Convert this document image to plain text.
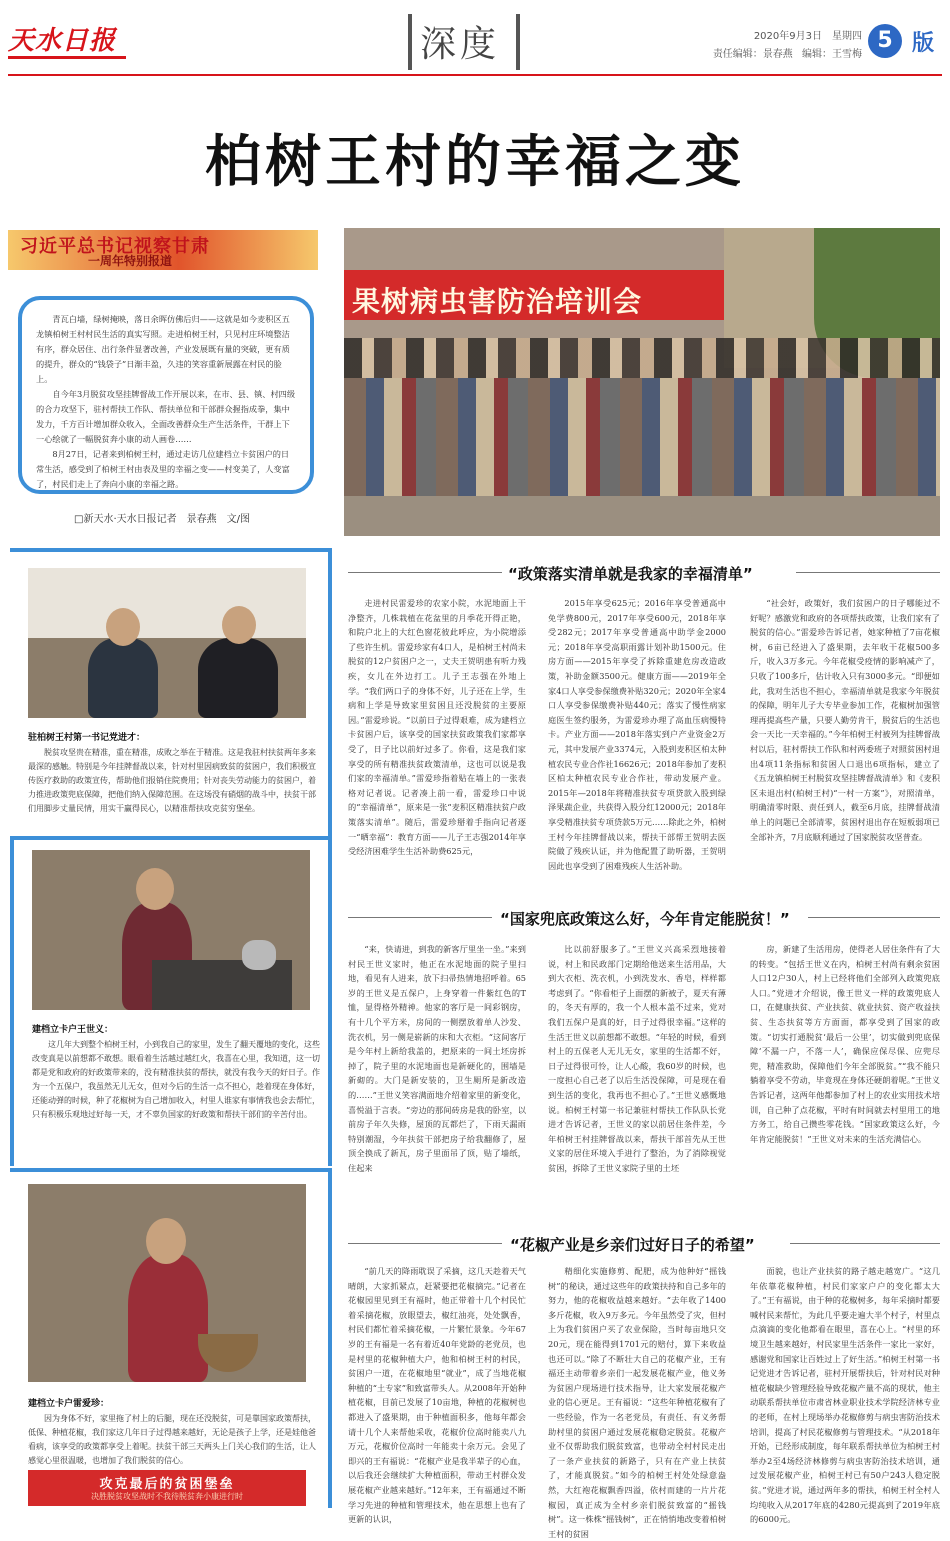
天水日报	深度	2020年9月3日　星期四
责任编辑：景春燕 编辑：王雪梅
5 版
柏树王村的幸福之变
习近平总书记视察甘肃
一周年特别报道

青瓦白墙，绿树掩映，落日余晖仿佛后归——这就是如今麦积区五龙镇柏树王村村民生活的真实写照。走进柏树王村，只见村庄环境整洁有序，群众居住、出行条件显著改善，产业发展既有量的突破，更有质的提升，群众的“钱袋子”日渐丰盈，久违的笑容重新展露在村民的脸上。

自今年3月脱贫攻坚挂牌督战工作开展以来，在市、县、镇、村四级的合力攻坚下，驻村帮扶工作队、帮扶单位和干部群众握指成拳，集中发力，千方百计增加群众收入，全面改善群众生产生活条件，干群上下一心绘就了一幅脱贫奔小康的动人画卷……

8月27日，记者来到柏树王村，通过走访几位建档立卡贫困户的日常生活，感受到了柏树王村由表及里的幸福之变——村变美了，人变富了，村民们走上了奔向小康的幸福之路。

□新天水·天水日报记者　景春燕　文/图
果树病虫害防治培训会
驻柏树王村第一书记党进才：
脱贫攻坚贵在精准，重在精准，成败之举在于精准。这是我驻村扶贫两年多来最深的感触。特别是今年挂牌督战以来，针对村里因病致贫的贫困户，我们积极宣传医疗救助的政策宣传，帮助他们报销住院费用；针对丧失劳动能力的贫困户，着力推进政策兜底保障，把他们纳入保障范围。在这场没有硝烟的战斗中，扶贫干部们用脚步丈量民情，用实干赢得民心，以精准帮扶攻克贫穷堡垒。
建档立卡户王世义：
这几年大到整个柏树王村，小到我自己的家里，发生了翻天覆地的变化，这些改变真是以前想都不敢想。眼看着生活越过越红火，我喜在心里，我知道，这一切都是党和政府的好政策带来的，没有精准扶贫的帮扶，就没有我今天的好日子。作为一个五保户，我虽然无儿无女，但对今后的生活一点不担心，趁着现在身体好，还能动弹的时候，种了花椒树为自己增加收入，村里人谁家有事情我也会去帮忙，只有积极乐观地过好每一天，才不辜负国家的好政策和帮扶干部们的辛苦付出。
建档立卡户雷爱珍：
因为身体不好，家里拖了村上的后腿，现在还没脱贫，可是靠国家政策帮扶，低保、种植花椒，我们家这几年日子过得越来越好，无论是孩子上学，还是娃他爸看病，该享受的政策都享受上着呢。扶贫干部三天两头上门关心我们的生活，让人感觉心里很温暖，也增加了我们脱贫的信心。
攻克最后的贫困堡垒
决胜脱贫攻坚战时不我待脱贫奔小康进行时
“政策落实清单就是我家的幸福清单”

走进村民雷爱珍的农家小院，水泥地面上干净整齐，几株栽植在花盆里的月季花开得正艳，和院户北上的大红色窗花彼此呼应，为小院增添了些许生机。雷爱珍家有4口人，是柏树王村尚未脱贫的12户贫困户之一，丈夫王贺明患有听力残疾，女儿在外边打工。儿子王志强在外地上学。“我们两口子的身体不好，儿子还在上学，生病和上学是导致家里贫困且还没脱贫的主要原因。”雷爱珍说。“以前日子过得艰难，成为建档立卡贫困户后，该享受的国家扶贫政策我们家都享受了，日子比以前好过多了。你看，这是我们家享受的所有精准扶贫政策清单，这也可以说是我们家的幸福清单。”雷爱珍指着贴在墙上的一张表格对记者说。记者凑上前一看，雷爱珍口中说的“幸福清单”，原来是一张“麦积区精准扶贫户政策落实清单”。随后，雷爱珍掰着手指向记者逐一“晒幸福”：教育方面——儿子王志强2014年享受经济困难学生生活补助费625元，

2015年享受625元；2016年享受普通高中免学费800元，2017年享受600元，2018年享受282元；2017年享受普通高中助学金2000元；2018年享受高职雨露计划补助1500元。住房方面——2015年享受了拆除重建危房改造政策，补助金额3500元。健康方面——2019年全家4口人享受参保缴费补贴320元；2020年全家4口人享受参保缴费补贴440元；落实了慢性病家庭医生签约服务，为雷爱珍办理了高血压病慢特卡。产业方面——2018年落实到户产业资金2万元，其中发展产业3374元，入股到麦积区柏太种植农民专业合作社16626元；2018年参加了麦积区柏太种植农民专业合作社，带动发展产业。2015年—2018年将精准扶贫专项贷款入股到绿泽果蔬企业，共获得入股分红12000元；2018年享受精准扶贫专项贷款5万元……除此之外，柏树王村今年挂牌督战以来，帮扶干部帮王贺明去医院做了残疾认证，并为他配置了助听器，王贺明因此也享受到了困难残疾人生活补助。

“社会好，政策好，我们贫困户的日子哪能过不好呢？感激党和政府的各项帮扶政策，让我们家有了脱贫的信心。”雷爱珍告诉记者，她家种植了7亩花椒树，6亩已经进入了盛果期，去年收干花椒500多斤，收入3万多元。今年花椒受疫情的影响减产了，只收了100多斤，估计收入只有3000多元。“即便如此，我对生活也不担心，幸福清单就是我家今年脱贫的保障，明年儿子大专毕业参加工作，花椒树加强管理再提高些产量，只要人勤劳肯干，脱贫后的生活也会一天比一天幸福的。”今年柏树王村被列为挂牌督战村以后，驻村帮扶工作队和村两委班子对照贫困村退出4项11条指标和贫困人口退出6项指标，建立了《五龙镇柏树王村脱贫攻坚挂牌督战清单》和《麦积区未退出村(柏树王村)“一村一方案”》，对照清单，明确清零时限、责任到人，截至6月底，挂牌督战清单上的问题已全部清零，贫困村退出存在短板弱项已全部补齐，7月底顺利通过了国家脱贫攻坚普查。

“国家兜底政策这么好，今年肯定能脱贫！”

“来，快请进，到我的新客厅里坐一坐。”来到村民王世义家时，他正在水泥地面的院子里扫地，看见有人进来，放下扫帚热情地招呼着。65岁的王世义是五保户，上身穿着一件紫红色的T恤，显得格外精神。他家的客厅是一间彩钢房，有十几个平方米，房间的一侧摆放着单人沙发、洗衣机，另一侧是崭新的床和大衣柜。“这间客厅是今年村上新给我盖的，把原来的一间土坯房拆掉了，院子里的水泥地面也是新硬化的，围墙是新砌的。大门是新安装的，卫生厕所是新改造的……”王世义笑容满面地介绍着家里的新变化，喜悦溢于言表。“旁边的那间砖房是我的卧室，以前房子年久失修，屋顶的瓦都烂了，下雨天漏雨特别潮湿，今年扶贫干部把房子给我翻修了，屋顶全换成了新瓦，房子里面吊了顶，贴了墙纸，住起来

比以前舒服多了。”王世义兴高采烈地接着说，村上和民政部门定期给他送来生活用品，大到大衣柜、洗衣机，小到洗发水、香皂，样样都考虑到了。“你看柜子上面摆的新被子，夏天有薄的，冬天有厚的，我一个人根本盖不过来，党对我们五保户是真的好，日子过得很幸福。”这样的生活王世义以前想都不敢想。“年轻的时候，看到村上的五保老人无儿无女，家里的生活都不好，日子过得很可怜，让人心酸，我60岁的时候，也一度担心自己老了以后生活没保障，可是现在看到生活的变化，我再也不担心了。”王世义感慨地说。柏树王村第一书记兼驻村帮扶工作队队长党进才告诉记者，王世义的家以前居住条件差，今年柏树王村挂牌督战以来，帮扶干部首先从王世义家的居住环境入手进行了整治，为了消除视觉贫困，拆除了王世义家院子里的土坯

房，新建了生活用房，使得老人居住条件有了大的转变。“包括王世义在内，柏树王村尚有剩余贫困人口12户30人，村上已经将他们全部列入政策兜底人口。”党进才介绍说，像王世义一样的政策兜底人口，在健康扶贫、产业扶贫、就业扶贫、资产收益扶贫、生态扶贫等方方面面，都享受到了国家的政策。“切实打通脱贫‘最后一公里’，切实做到兜底保障‘不漏一户，不落一人’，确保应保尽保、应兜尽兜，精准救助，保障他们今年全部脱贫。”“我不能只躺着享受不劳动，毕竟现在身体还硬朗着呢。”王世义告诉记者，这两年他都参加了村上的农业实用技术培训，自己种了点花椒，平时有时间就去村里用工的地方务工，给自己攒些零花钱。“国家政策这么好，今年肯定能脱贫！”王世义对未来的生活充满信心。

“花椒产业是乡亲们过好日子的希望”

“前几天的降雨耽误了采摘，这几天趁着天气晴朗，大家抓紧点，赶紧要把花椒摘完。”记者在花椒园里见到王有福时，他正带着十几个村民忙着采摘花椒，放眼望去，椒红油亮，处处飘香，村民们都忙着采摘花椒，一片繁忙景象。今年67岁的王有福是一名有着近40年党龄的老党员，也是村里的花椒种植大户，他和柏树王村的村民，贫困户一道，在花椒地里“就业”，成了当地花椒种植的“土专家”和致富带头人。从2008年开始种植花椒，目前已发展了10亩地，种植的花椒树也都进入了盛果期，由于种植面积多，他每年都会请十几个人来帮他采收，花椒价位高时能卖八九万元，花椒价位高时一年能卖十余万元。会见了即兴的王有福说：“花椒产业是我半辈子的心血，以后我还会继续扩大种植面积，带动王村群众发展花椒产业越来越好。”12年来，王有福通过不断学习先进的种植和管理技术，他在思想上也有了更新的认识，

精细化实施修剪、配肥，成为他种好“摇钱树”的秘诀，通过这些年的政策扶持和自己多年的努力，他的花椒收益越来越好。“去年收了1400多斤花椒，收入9万多元。今年虽然受了灾，但村上为我们贫困户买了农业保险，当时每亩地只交20元，现在能得到1701元的赔付，算下来收益也还可以。”除了不断壮大自己的花椒产业，王有福还主动带着乡亲们一起发展花椒产业，他义务为贫困户现场进行技术指导，让大家发展花椒产业的信心更足。王有福说：“这些年种植花椒有了一些经验，作为一名老党员，有责任、有义务帮助村里的贫困户通过发展花椒稳定脱贫。花椒产业不仅帮助我们脱贫致富，也带动全村村民走出了一条产业扶贫的新路子，只有在产业上扶贫了，才能真脱贫。”如今的柏树王村处处绿意盎然，大红袍花椒飘香四溢，依村而建的一片片花椒园，真正成为全村乡亲们脱贫致富的“摇钱树”。这一株株“摇钱树”，正在悄悄地改变着柏树王村的贫困

面貌，也让产业扶贫的路子越走越宽广。“这几年依靠花椒种植，村民们家家户户的变化都太大了。”王有福说，由于种的花椒树多，每年采摘时都要喊村民来帮忙，为此几乎要走遍大半个村子，村里点点滴滴的变化他都看在眼里，喜在心上。“村里的环境卫生越来越好，村民家里生活条件一家比一家好，感谢党和国家让百姓过上了好生活。”柏树王村第一书记党进才告诉记者，驻村开展帮扶后，针对村民对种植花椒缺少管理经验导致花椒产量不高的现状，他主动联系帮扶单位市肃省林业职业技术学院经济林专业的老师，在村上现场举办花椒修剪与病虫害防治技术培训，提高了村民花椒修剪与管理技术。“从2018年开始，已经形成制度，每年联系帮扶单位为柏树王村举办2至4场经济林修剪与病虫害防治技术培训，通过发展花椒产业，柏树王村已有50户243人稳定脱贫。”党进才说，通过两年多的帮扶，柏树王村全村人均纯收入从2017年底的4280元提高到了2019年底的6000元。
